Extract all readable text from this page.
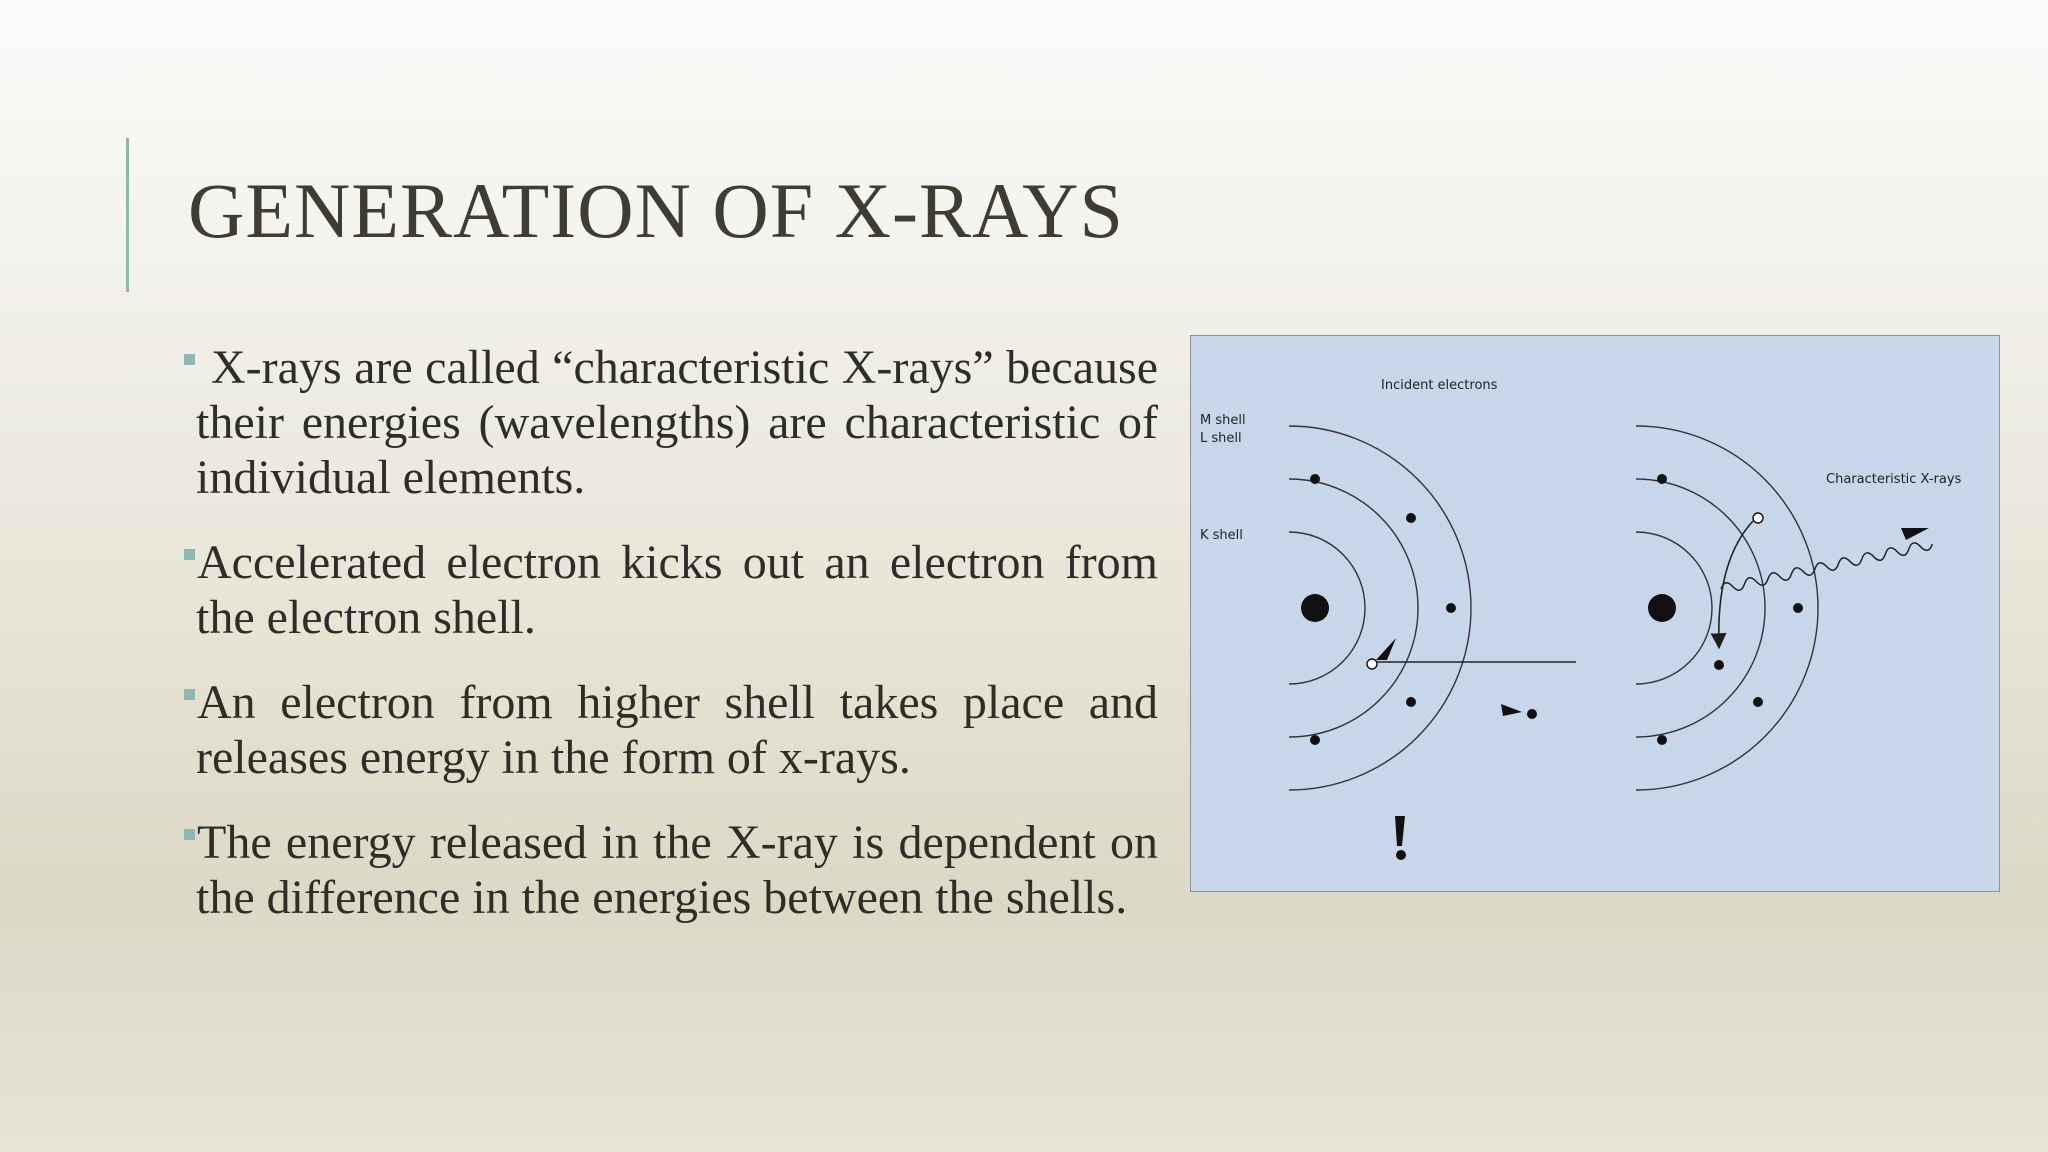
GENERATION OF X-RAYS
X-rays are called “characteristic X-rays” because their energies (wavelengths) are characteristic of individual elements.
Accelerated electron kicks out an electron from the electron shell.
An electron from higher shell takes place and releases energy in the form of x-rays.
The energy released in the X-ray is dependent on the difference in the energies between the shells.
Incident electrons
M shell
L shell
K shell
Characteristic X-rays
